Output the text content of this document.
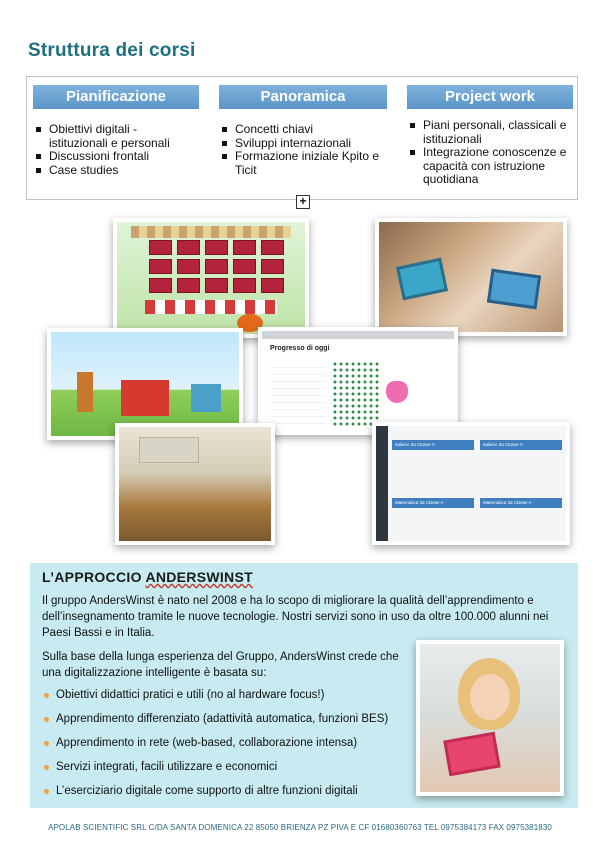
Struttura dei corsi
Pianificazione
Obiettivi digitali - istituzionali e personali
Discussioni frontali
Case studies
Panoramica
Concetti chiavi
Sviluppi internazionali
Formazione iniziale Kpito e Ticit
Project work
Piani personali, classicali e istituzionali
Integrazione conoscenze e capacità con istruzione quotidiana
+
Progresso di oggi
Italiano 3a Classe A	Italiano 3a Classe A
Matematica 3a Classe A	Matematica 3a Classe A
L’APPROCCIO ANDERSWINST
Il gruppo AndersWinst è nato nel 2008 e ha lo scopo di migliorare la qualità dell’apprendimento e dell’insegnamento tramite le nuove tecnologie. Nostri servizi sono in uso da oltre 100.000 alunni nei Paesi Bassi e in Italia.
Sulla base della lunga esperienza del Gruppo, AndersWinst crede che una digitalizzazione intelligente è basata su:
Obiettivi didattici pratici e utili (no al hardware focus!)
Apprendimento differenziato (adattività automatica, funzioni BES)
Apprendimento in rete (web-based, collaborazione intensa)
Servizi integrati, facili utilizzare e economici
L’eserciziario digitale come supporto di altre funzioni digitali
APOLAB SCIENTIFIC SRL C/DA SANTA DOMENICA 22 85050 BRIENZA PZ PIVA E CF 01680360763 TEL 0975384173 FAX 0975381830
